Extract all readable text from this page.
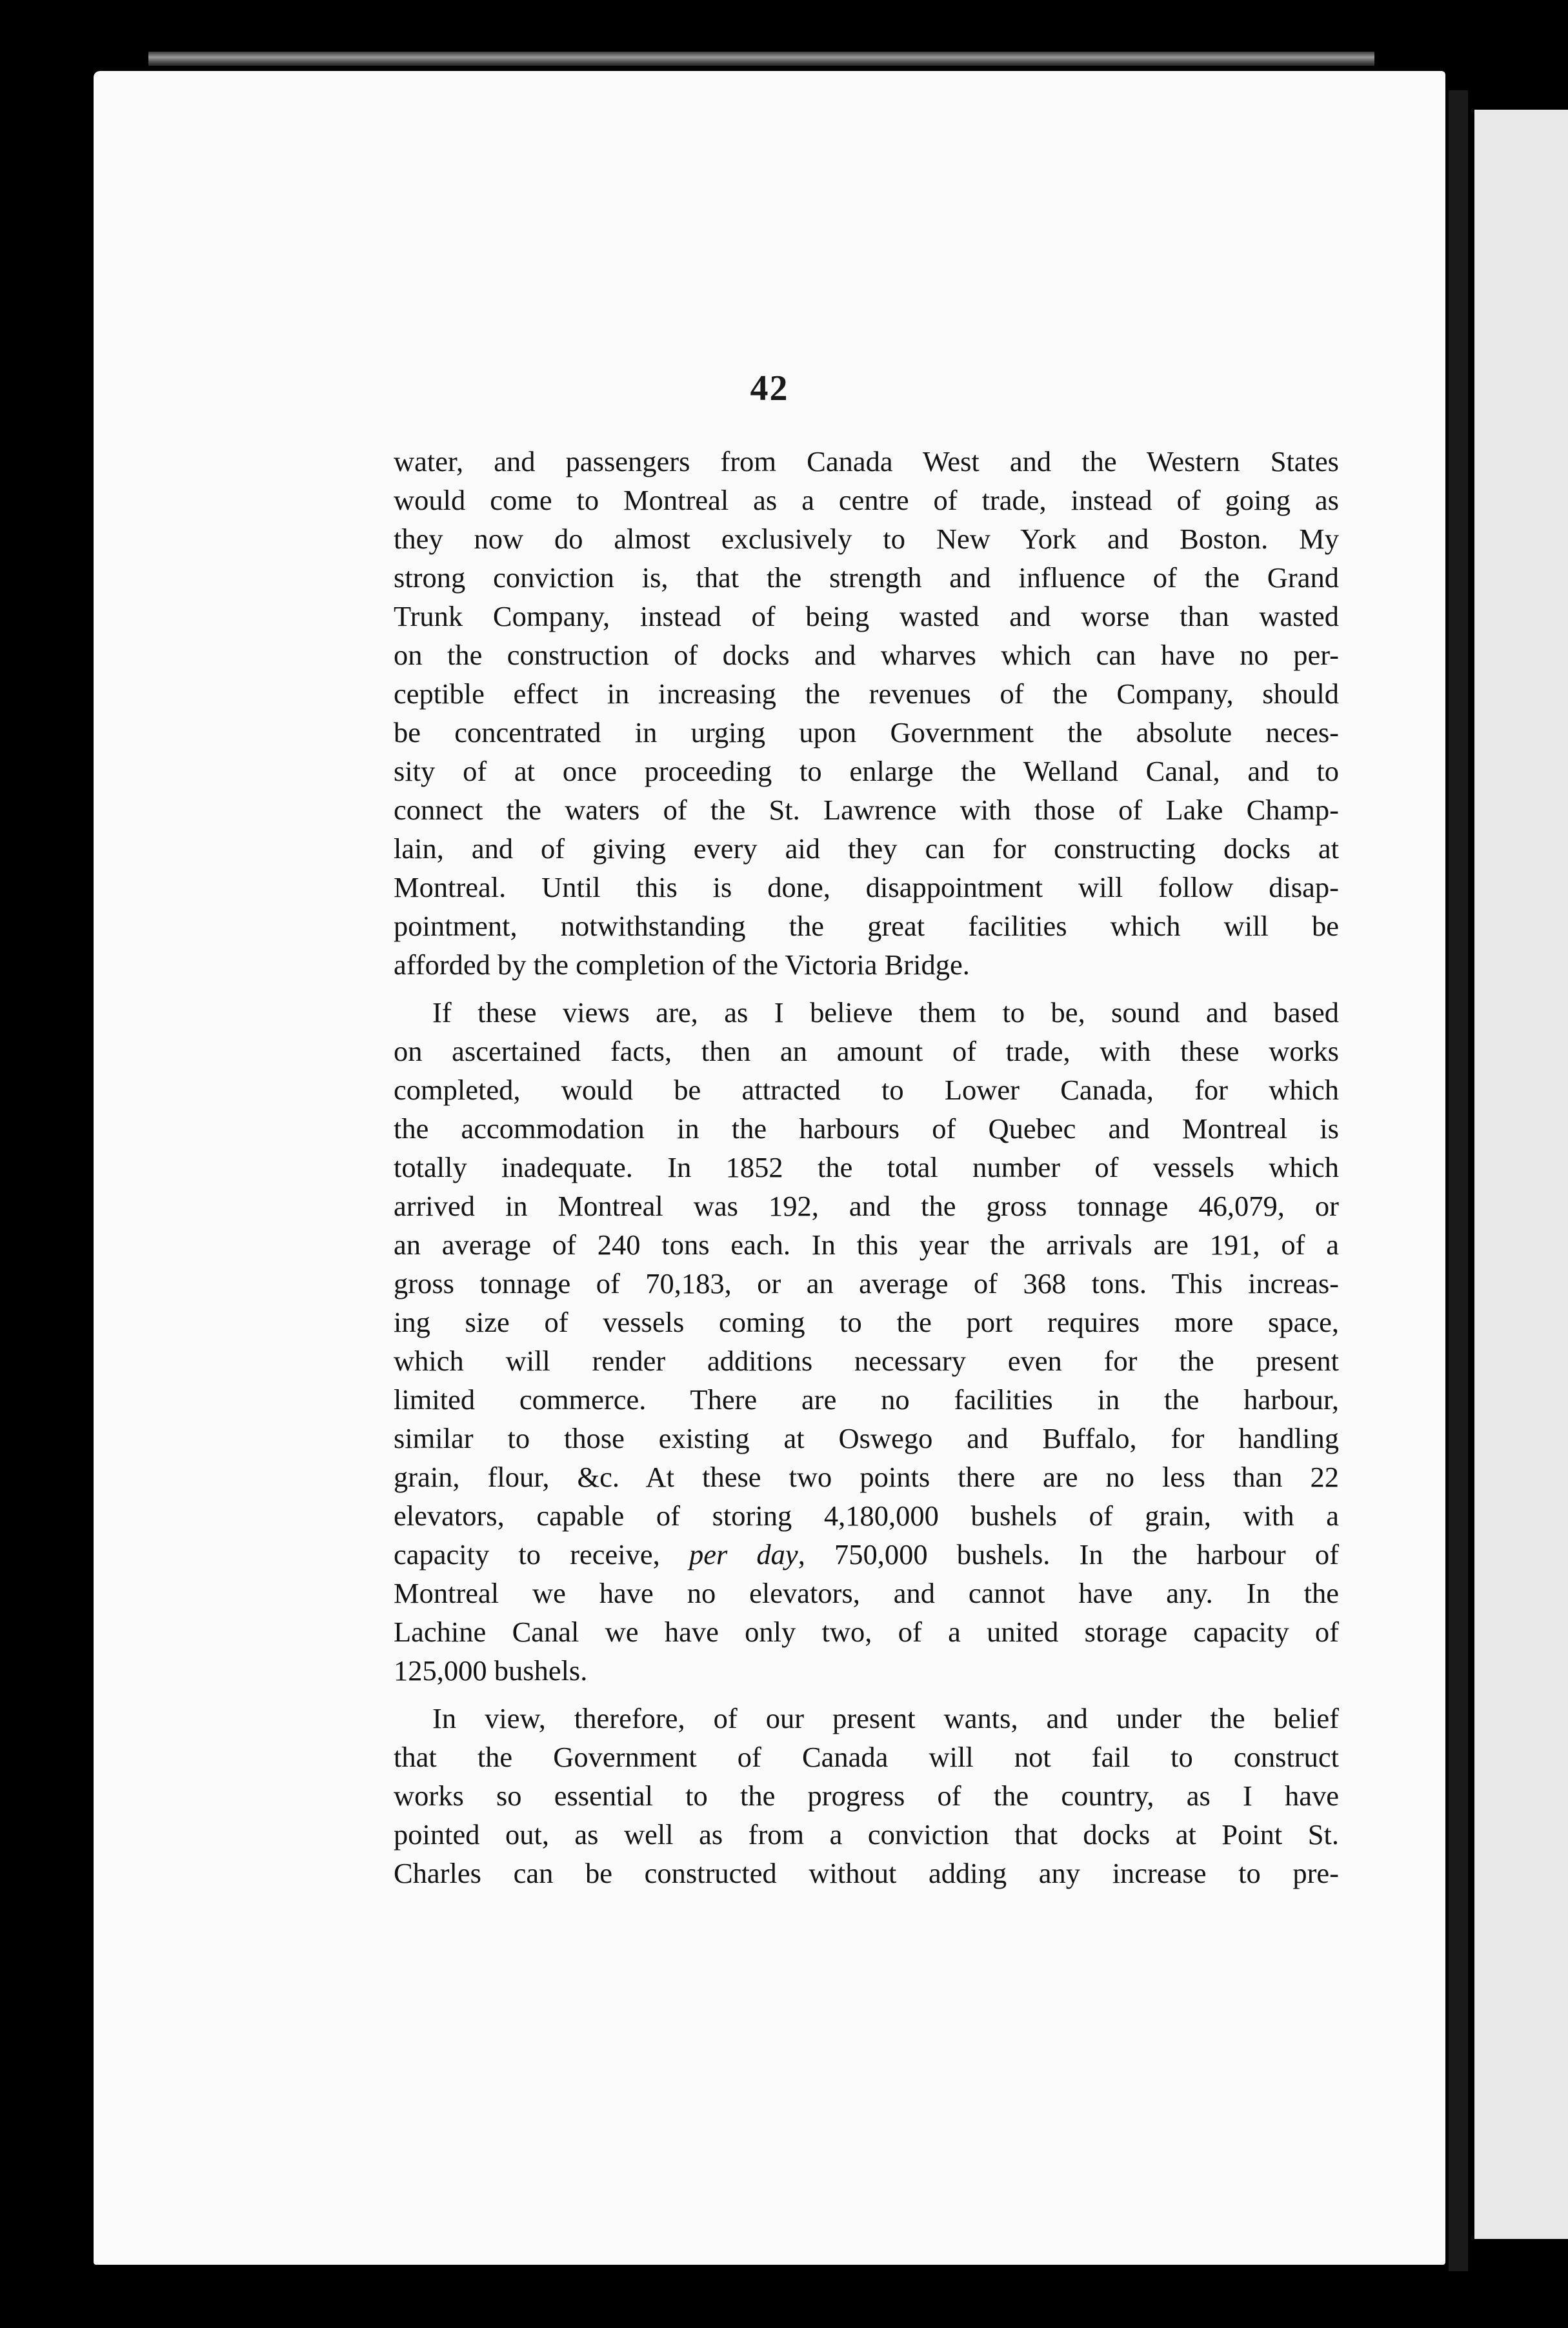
42
water, and passengers from Canada West and the Western States
would come to Montreal as a centre of trade, instead of going as
they now do almost exclusively to New York and Boston. My
strong conviction is, that the strength and influence of the Grand
Trunk Company, instead of being wasted and worse than wasted
on the construction of docks and wharves which can have no per-
ceptible effect in increasing the revenues of the Company, should
be concentrated in urging upon Government the absolute neces-
sity of at once proceeding to enlarge the Welland Canal, and to
connect the waters of the St. Lawrence with those of Lake Champ-
lain, and of giving every aid they can for constructing docks at
Montreal. Until this is done, disappointment will follow disap-
pointment, notwithstanding the great facilities which will be
afforded by the completion of the Victoria Bridge.
If these views are, as I believe them to be, sound and based
on ascertained facts, then an amount of trade, with these works
completed, would be attracted to Lower Canada, for which
the accommodation in the harbours of Quebec and Montreal is
totally inadequate. In 1852 the total number of vessels which
arrived in Montreal was 192, and the gross tonnage 46,079, or
an average of 240 tons each. In this year the arrivals are 191, of a
gross tonnage of 70,183, or an average of 368 tons. This increas-
ing size of vessels coming to the port requires more space,
which will render additions necessary even for the present
limited commerce. There are no facilities in the harbour,
similar to those existing at Oswego and Buffalo, for handling
grain, flour, &c. At these two points there are no less than 22
elevators, capable of storing 4,180,000 bushels of grain, with a
capacity to receive, per day, 750,000 bushels. In the harbour of
Montreal we have no elevators, and cannot have any. In the
Lachine Canal we have only two, of a united storage capacity of
125,000 bushels.
In view, therefore, of our present wants, and under the belief
that the Government of Canada will not fail to construct
works so essential to the progress of the country, as I have
pointed out, as well as from a conviction that docks at Point St.
Charles can be constructed without adding any increase to pre-
